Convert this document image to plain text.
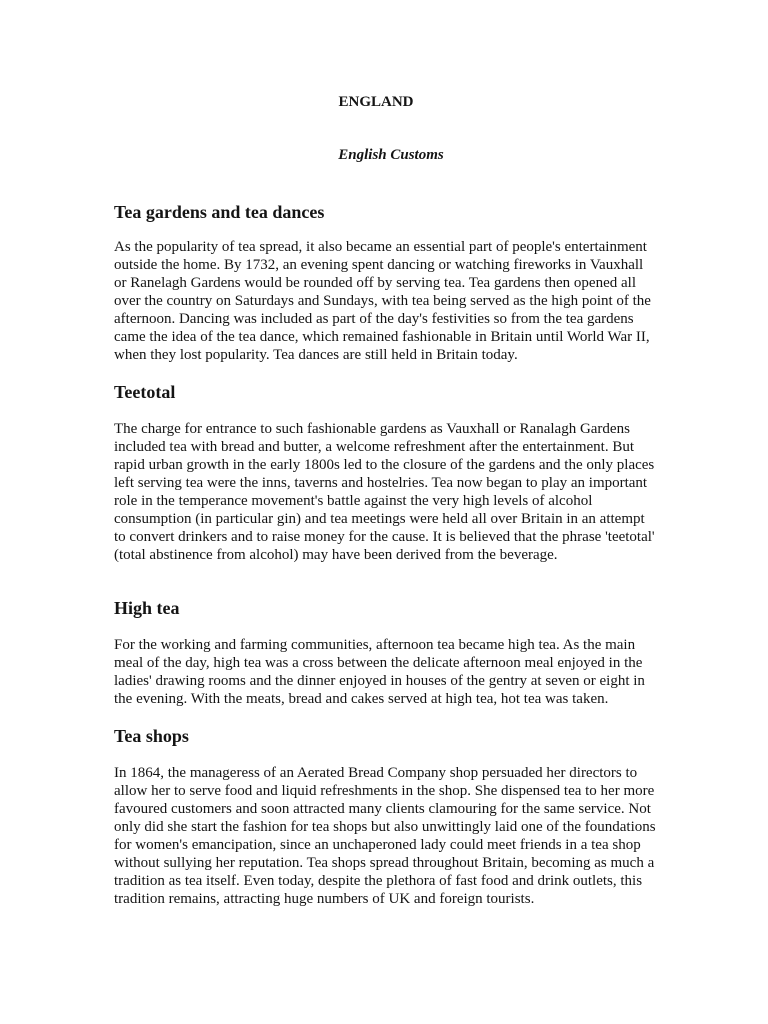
ENGLAND
English Customs
Tea gardens and tea dances

As the popularity of tea spread, it also became an essential part of people's entertainment outside the home. By 1732, an evening spent dancing or watching fireworks in Vauxhall or Ranelagh Gardens would be rounded off by serving tea. Tea gardens then opened all over the country on Saturdays and Sundays, with tea being served as the high point of the afternoon. Dancing was included as part of the day's festivities so from the tea gardens came the idea of the tea dance, which remained fashionable in Britain until World War II, when they lost popularity. Tea dances are still held in Britain today.

Teetotal

The charge for entrance to such fashionable gardens as Vauxhall or Ranalagh Gardens included tea with bread and butter, a welcome refreshment after the entertainment. But rapid urban growth in the early 1800s led to the closure of the gardens and the only places left serving tea were the inns, taverns and hostelries. Tea now began to play an important role in the temperance movement's battle against the very high levels of alcohol consumption (in particular gin) and tea meetings were held all over Britain in an attempt to convert drinkers and to raise money for the cause. It is believed that the phrase 'teetotal' (total abstinence from alcohol) may have been derived from the beverage.

High tea

For the working and farming communities, afternoon tea became high tea. As the main meal of the day, high tea was a cross between the delicate afternoon meal enjoyed in the ladies' drawing rooms and the dinner enjoyed in houses of the gentry at seven or eight in the evening. With the meats, bread and cakes served at high tea, hot tea was taken.

Tea shops

In 1864, the manageress of an Aerated Bread Company shop persuaded her directors to allow her to serve food and liquid refreshments in the shop. She dispensed tea to her more favoured customers and soon attracted many clients clamouring for the same service. Not only did she start the fashion for tea shops but also unwittingly laid one of the foundations for women's emancipation, since an unchaperoned lady could meet friends in a tea shop without sullying her reputation. Tea shops spread throughout Britain, becoming as much a tradition as tea itself. Even today, despite the plethora of fast food and drink outlets, this tradition remains, attracting huge numbers of UK and foreign tourists.
